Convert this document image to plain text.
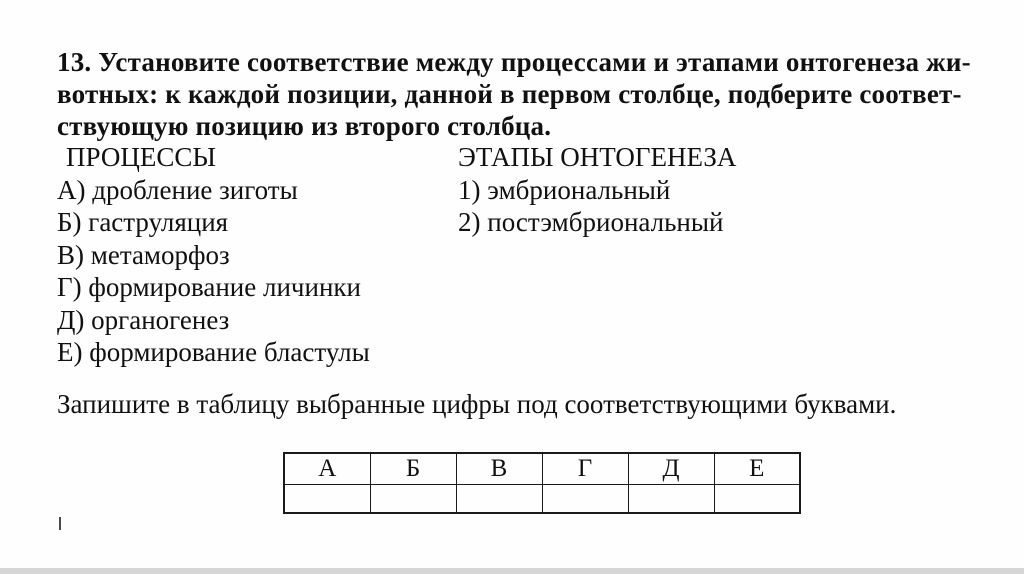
13. Установите соответствие между процессами и этапами онтогенеза жи-
вотных: к каждой позиции, данной в первом столбце, подберите соответ-
ствующую позицию из второго столбца.
ПРОЦЕССЫ
А) дробление зиготы
Б) гаструляция
В) метаморфоз
Г) формирование личинки
Д) органогенез
Е) формирование бластулы
ЭТАПЫ ОНТОГЕНЕЗА
1) эмбриональный
2) постэмбриональный
Запишите в таблицу выбранные цифры под соответствующими буквами.
А	Б	В	Г	Д	Е
